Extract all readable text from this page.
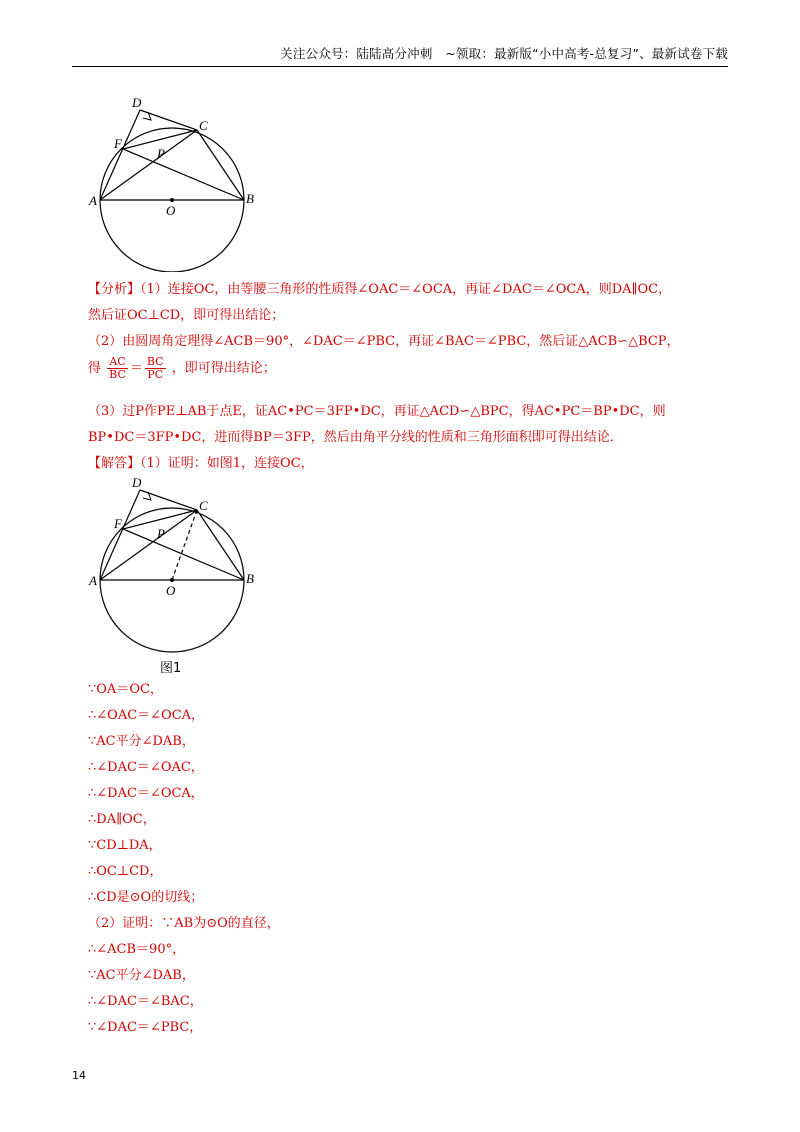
关注公众号：陆陆高分冲刺　~领取：最新版“小中高考-总复习”、最新试卷下载
D
C
F
P
A	B
O
【分析】（1）连接OC，由等腰三角形的性质得∠OAC＝∠OCA，再证∠DAC＝∠OCA，则DA∥OC，
然后证OC⊥CD，即可得出结论；
（2）由圆周角定理得∠ACB＝90°，∠DAC＝∠PBC，再证∠BAC＝∠PBC，然后证△ACB∽△BCP，
得 $\frac{AC}{BC} = \frac{BC}{PC}$ ，即可得出结论；
（3）过P作PE⊥AB于点E，证AC•PC＝3FP•DC，再证△ACD∽△BPC，得AC•PC＝BP•DC，则
BP•DC＝3FP•DC，进而得BP＝3FP，然后由角平分线的性质和三角形面积即可得出结论．
【解答】（1）证明：如图1，连接OC，
D
C
F
P
A	B
O
图1
∵OA＝OC，
∴∠OAC＝∠OCA，
∵AC平分∠DAB，
∴∠DAC＝∠OAC，
∴∠DAC＝∠OCA，
∴DA∥OC，
∵CD⊥DA，
∴OC⊥CD，
∴CD是⊙O的切线；
（2）证明：∵AB为⊙O的直径，
∴∠ACB＝90°，
∵AC平分∠DAB，
∴∠DAC＝∠BAC，
∵∠DAC＝∠PBC，
14
